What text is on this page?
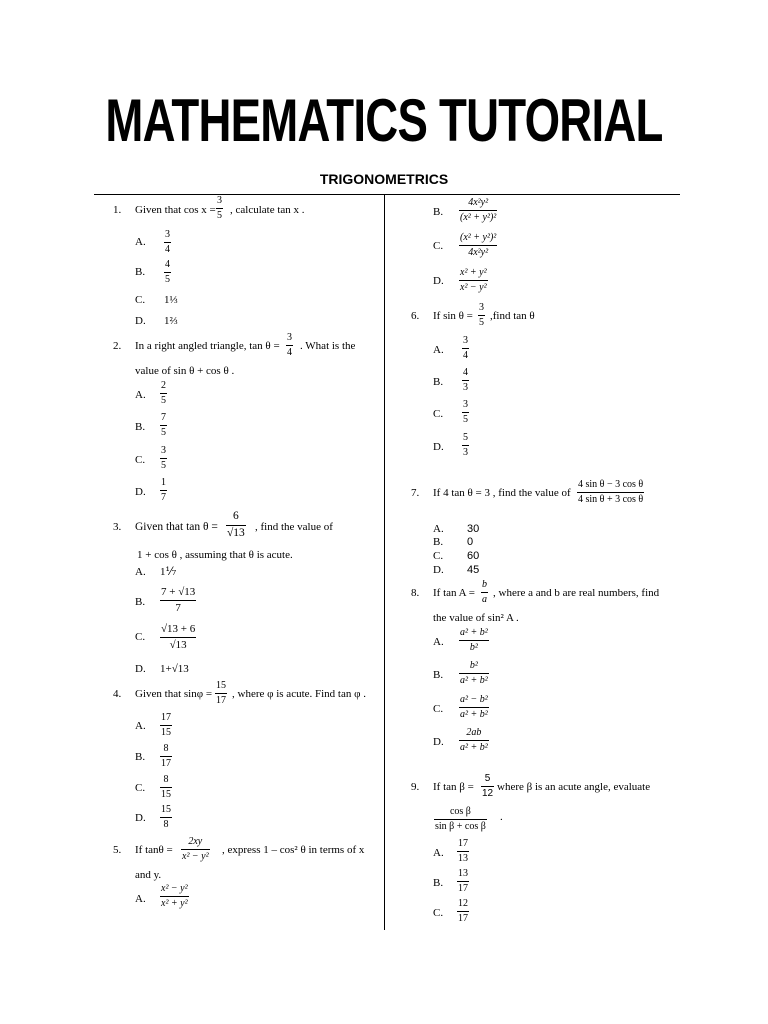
MATHEMATICS TUTORIAL
TRIGONOMETRICS
1. Given that cos x =
3
5 , calculate tan x .
A.
3
4
B.
4
5
C. 1⅓
D. 1⅔
2. In a right angled triangle, tan θ =
3
4
. What is the
value of sin θ + cos θ .
A.
2
5
B.
7
5
C.
3
5
D.
1
7
3. Given that tan θ =
6
√13 , find the value of
1 + cos θ , assuming that θ is acute.
A. 1⅐
B.
7 + √13
7
C.
√13 + 6
√13
D. 1+√13
4. Given that sinφ =
15
17
, where φ is acute. Find tan φ .
A.
17
15
B.
8
17
C.
8
15
D.
15
8
5. If tanθ =
2xy
x² − y²
, express 1 – cos² θ in terms of x
and y.
A.
x² − y²
x² + y²
B.
4x²y²
(x² + y²)²
C.
(x² + y²)²
4x²y²
D.
x² + y²
x² − y²
6. If sin θ =
3
5
,find tan θ
A.
3
4
B.
4
3
C.
3
5
D.
5
3
7. If 4 tan θ = 3 , find the value of
4 sin θ − 3 cos θ
4 sin θ + 3 cos θ
A. 30
B. 0
C. 60
D. 45
8. If tan A =
b
a
, where a and b are real numbers, find
the value of sin² A .
A.
a² + b²
b²
B.
b²
a² + b²
C.
a² − b²
a² + b²
D.
2ab
a² + b²
9. If tan β =
5
12
where β is an acute angle, evaluate
cos β
sin β + cos β
.
A.
17
13
B.
13
17
C.
12
17
